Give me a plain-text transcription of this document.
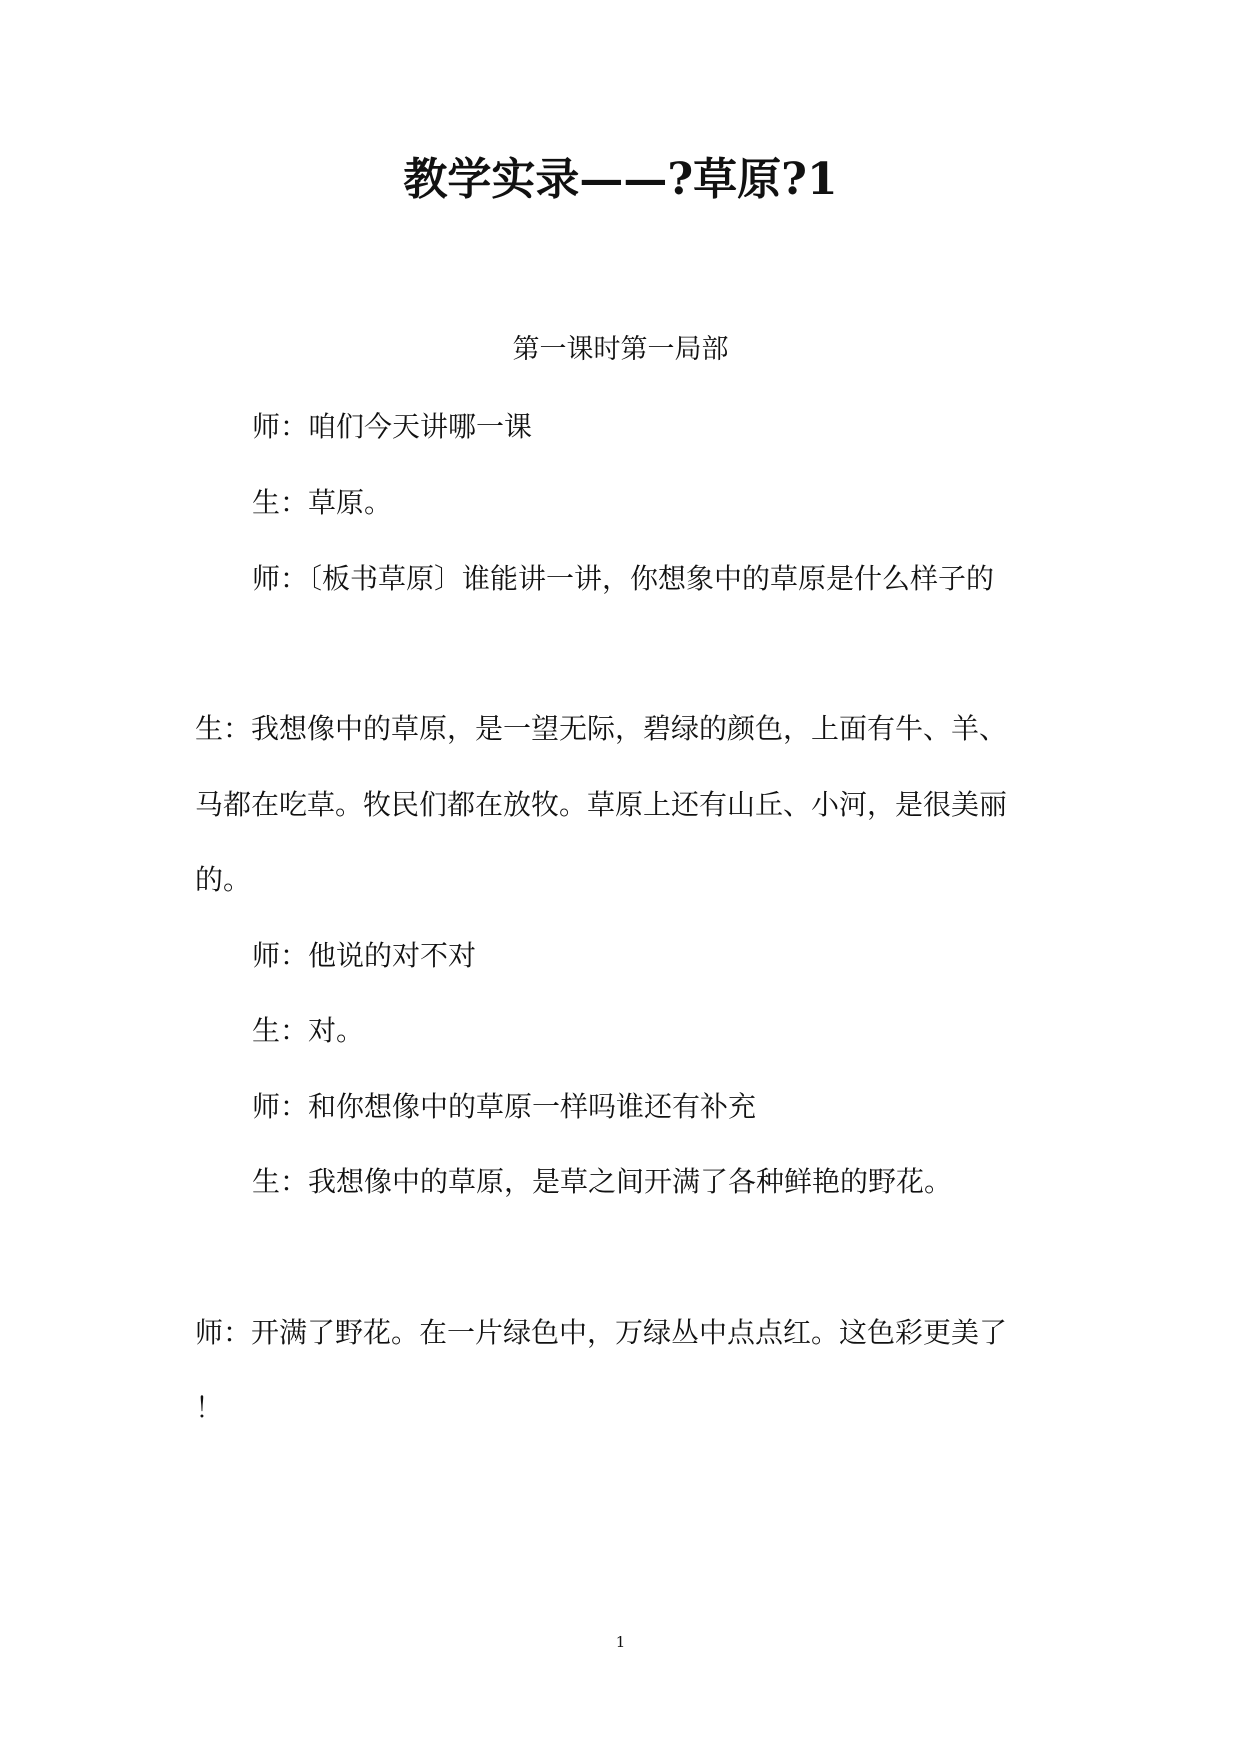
教学实录——?草原?1
第一课时第一局部
师：咱们今天讲哪一课
生：草原。
师：〔板书草原〕谁能讲一讲，你想象中的草原是什么样子的
生：我想像中的草原，是一望无际，碧绿的颜色，上面有牛、羊、
马都在吃草。牧民们都在放牧。草原上还有山丘、小河，是很美丽
的。
师：他说的对不对
生：对。
师：和你想像中的草原一样吗谁还有补充
生：我想像中的草原，是草之间开满了各种鲜艳的野花。
师：开满了野花。在一片绿色中，万绿丛中点点红。这色彩更美了
！
1
